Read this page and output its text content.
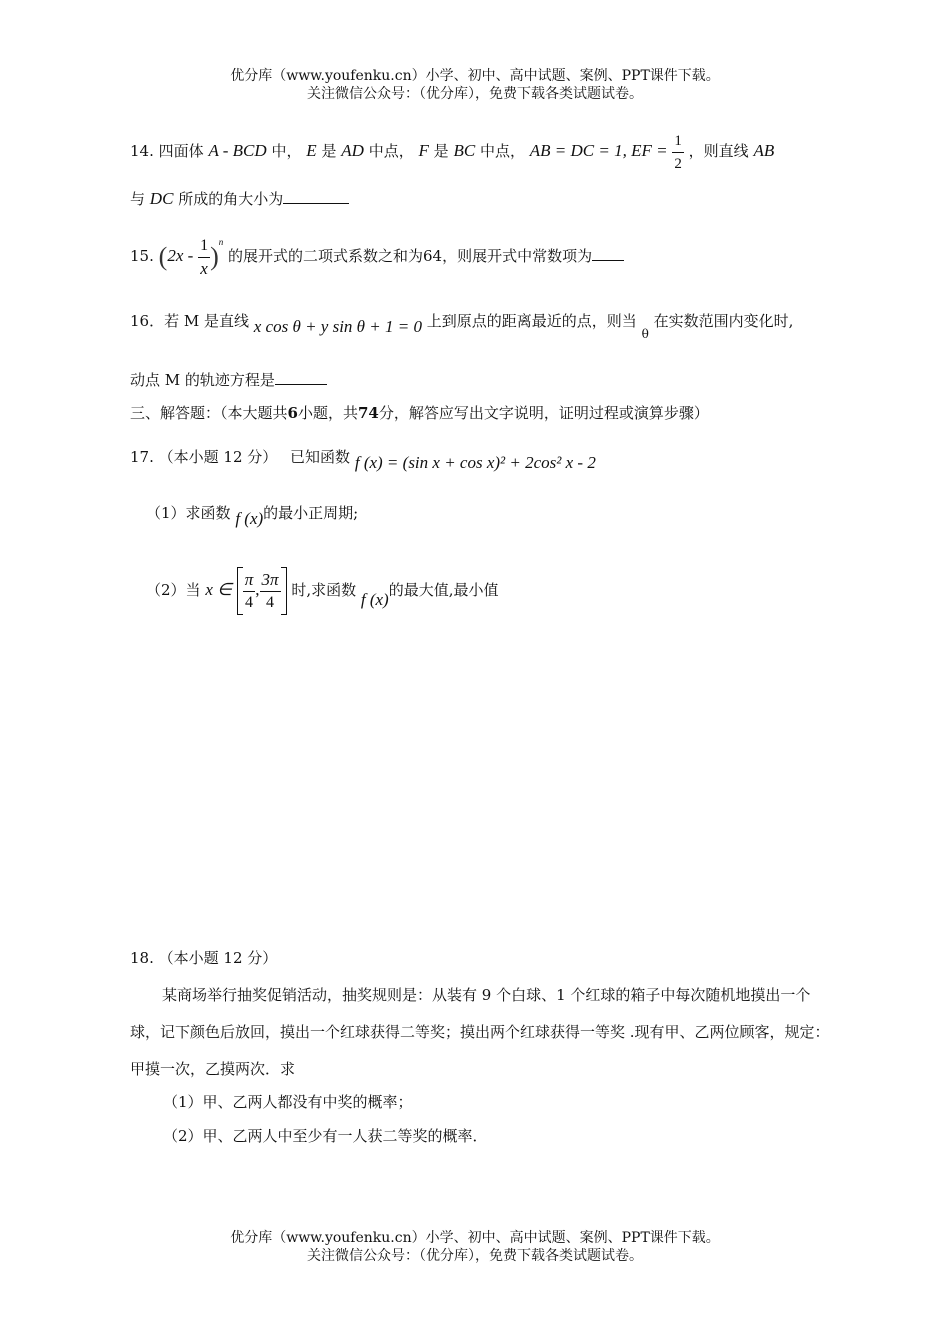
优分库（www.youfenku.cn）小学、初中、高中试题、案例、PPT课件下载。
关注微信公众号：（优分库），免费下载各类试题试卷。
14. 四面体 A - BCD 中， E 是 AD 中点， F 是 BC 中点， AB = DC = 1, EF = $\frac{1}{2}$ ，则直线 AB
与 DC 所成的角大小为
15. $(2x - \frac{1}{x} )^n$ 的展开式的二项式系数之和为64，则展开式中常数项为
16．若 M 是直线 x cos θ + y sin θ + 1 = 0 上到原点的距离最近的点，则当 $_\theta$ 在实数范围内变化时,
动点 M 的轨迹方程是
三、解答题：（本大题共6小题，共74分，解答应写出文字说明，证明过程或演算步骤）
17. （本小题 12 分） 已知函数 f (x) = (sin x + cos x)² + 2cos² x - 2
（1）求函数 f (x)的最小正周期;
（2）当 x ∈ $\frac{\pi}{4}$ , $\frac{3\pi}{4}$ 时,求函数 f (x)的最大值,最小值
18. （本小题 12 分）
某商场举行抽奖促销活动，抽奖规则是：从装有 9 个白球、1 个红球的箱子中每次随机地摸出一个球，记下颜色后放回，摸出一个红球获得二等奖；摸出两个红球获得一等奖 .现有甲、乙两位顾客，规定：甲摸一次，乙摸两次．求
（1）甲、乙两人都没有中奖的概率；
（2）甲、乙两人中至少有一人获二等奖的概率．
优分库（www.youfenku.cn）小学、初中、高中试题、案例、PPT课件下载。
关注微信公众号：（优分库），免费下载各类试题试卷。
